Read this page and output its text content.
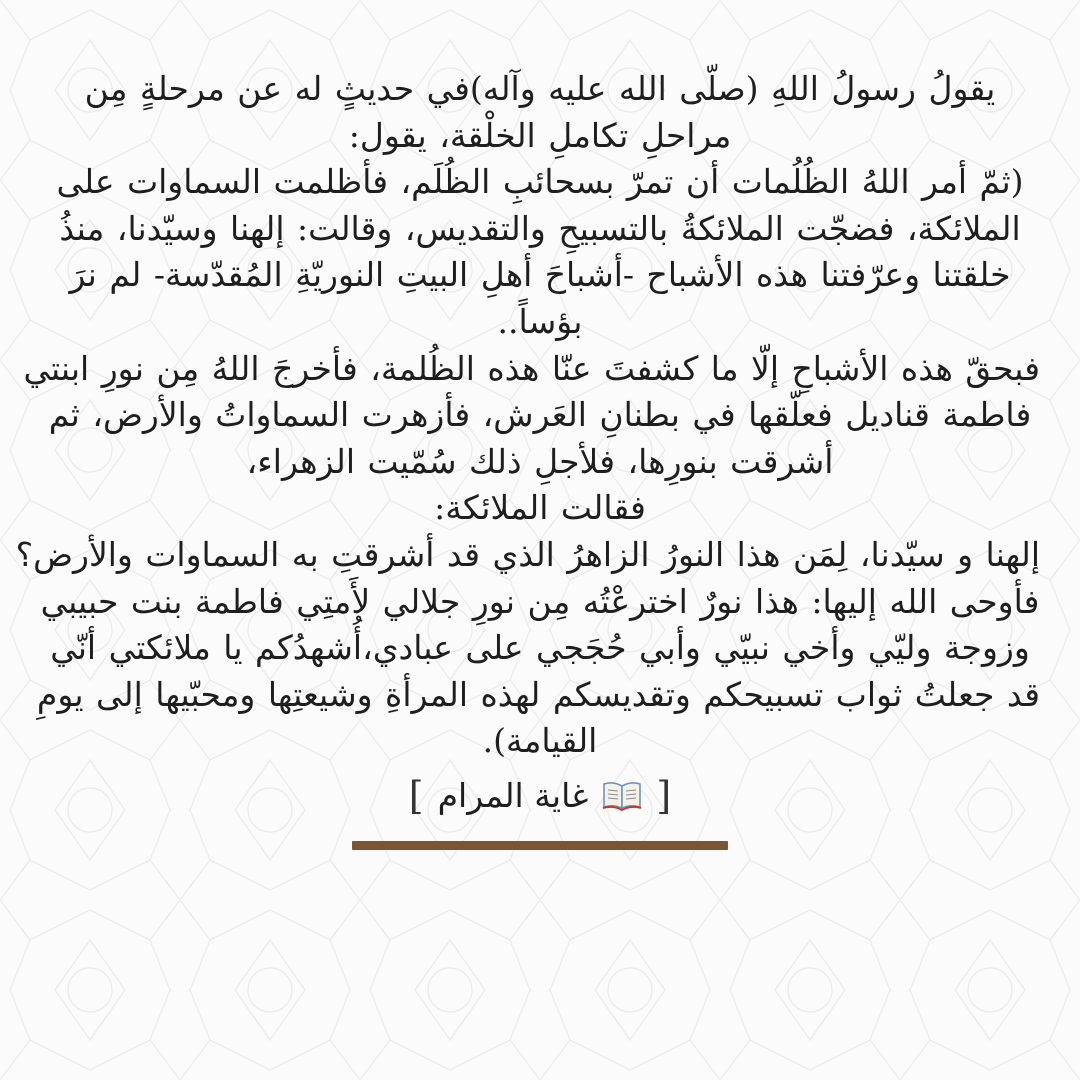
يقولُ رسولُ اللهِ (صلّى الله عليه وآله)في حديثٍ له عن مرحلةٍ مِن
مراحلِ تكاملِ الخلْقة، يقول:
(ثمّ أمر اللهُ الظُلُمات أن تمرّ بسحائبِ الظُلَم، فأظلمت السماوات على
الملائكة، فضجّت الملائكةُ بالتسبيحِ والتقديس، وقالت: إلهنا وسيّدنا، منذُ
خلقتنا وعرّفتنا هذه الأشباح -أشباحَ أهلِ البيتِ النوريّةِ المُقدّسة- لم نرَ
بؤساً..
فبحقّ هذه الأشباحِ إلّا ما كشفتَ عنّا هذه الظُلمة، فأخرجَ اللهُ مِن نورِ ابنتي
فاطمة قناديل فعلّقها في بطنانِ العَرش، فأزهرت السماواتُ والأرض، ثم
أشرقت بنورِها، فلأجلِ ذلك سُمّيت الزهراء،
فقالت الملائكة:
إلهنا و سيّدنا، لِمَن هذا النورُ الزاهرُ الذي قد أشرقتِ به السماوات والأرض؟
فأوحى الله إليها: هذا نورٌ اخترعْتُه مِن نورِ جلالي لأَمتِي فاطمة بنت حبيبي
وزوجة وليّي وأخي نبيّي وأبي حُجَجي على عبادي،أُشهدُكم يا ملائكتي أنّي
قد جعلتُ ثواب تسبيحكم وتقديسكم لهذه المرأةِ وشيعتِها ومحبّيها إلى يومِ
القيامة).
[
غاية المرام
]
